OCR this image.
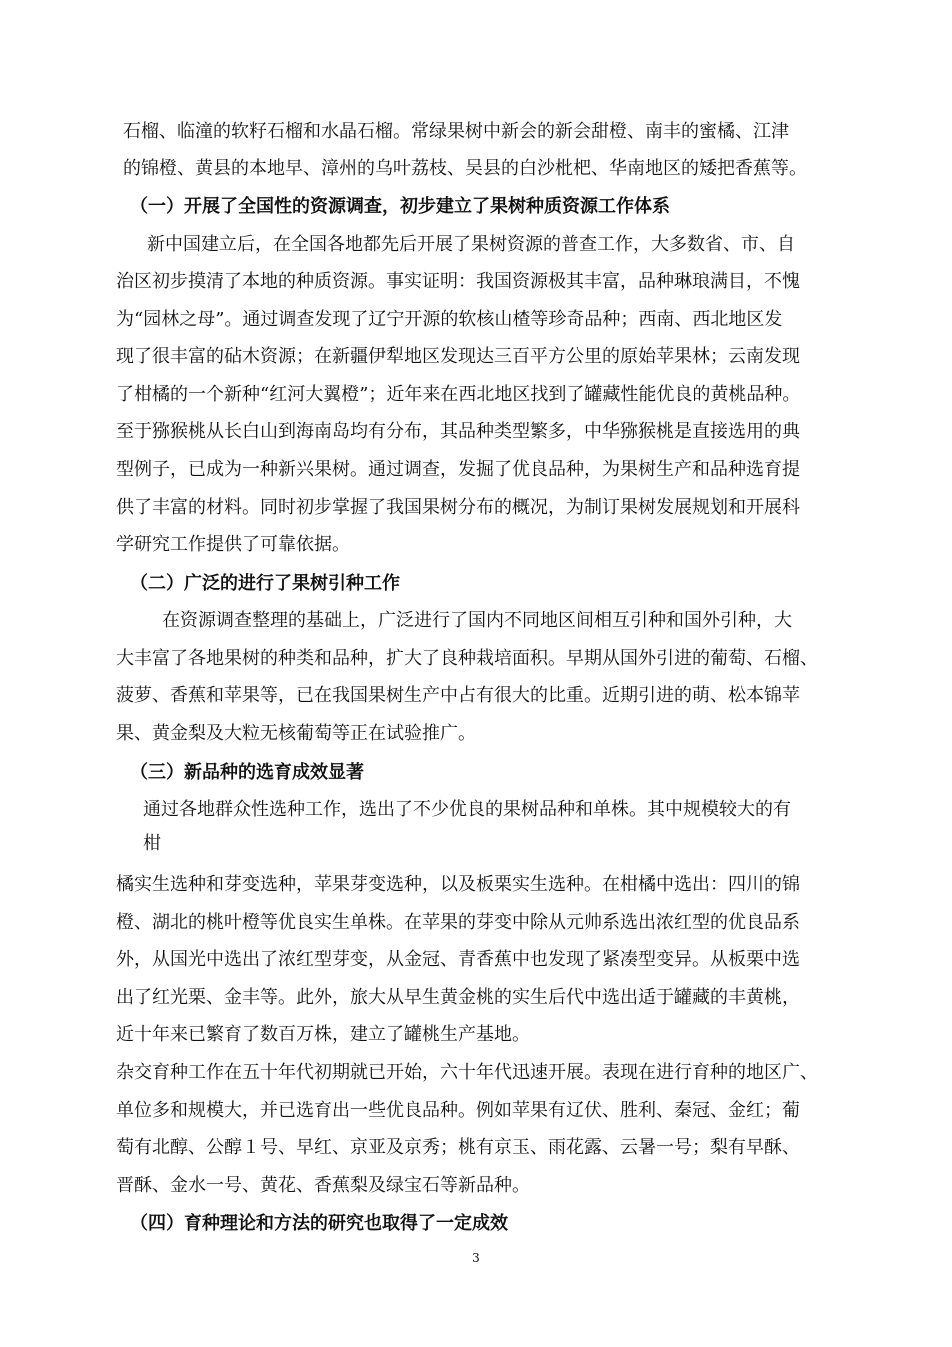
石榴、临潼的软籽石榴和水晶石榴。常绿果树中新会的新会甜橙、南丰的蜜橘、江津
的锦橙、黄县的本地早、漳州的乌叶荔枝、吴县的白沙枇杷、华南地区的矮把香蕉等。
（一）开展了全国性的资源调查，初步建立了果树种质资源工作体系
新中国建立后，在全国各地都先后开展了果树资源的普查工作，大多数省、市、自
治区初步摸清了本地的种质资源。事实证明：我国资源极其丰富，品种琳琅满目，不愧
为“园林之母”。通过调查发现了辽宁开源的软核山楂等珍奇品种；西南、西北地区发
现了很丰富的砧木资源；在新疆伊犁地区发现达三百平方公里的原始苹果林；云南发现
了柑橘的一个新种“红河大翼橙”；近年来在西北地区找到了罐藏性能优良的黄桃品种。
至于猕猴桃从长白山到海南岛均有分布，其品种类型繁多，中华猕猴桃是直接选用的典
型例子，已成为一种新兴果树。通过调查，发掘了优良品种，为果树生产和品种选育提
供了丰富的材料。同时初步掌握了我国果树分布的概况，为制订果树发展规划和开展科
学研究工作提供了可靠依据。
（二）广泛的进行了果树引种工作
在资源调查整理的基础上，广泛进行了国内不同地区间相互引种和国外引种，大
大丰富了各地果树的种类和品种，扩大了良种栽培面积。早期从国外引进的葡萄、石榴、
菠萝、香蕉和苹果等，已在我国果树生产中占有很大的比重。近期引进的萌、松本锦苹
果、黄金梨及大粒无核葡萄等正在试验推广。
（三）新品种的选育成效显著
通过各地群众性选种工作，选出了不少优良的果树品种和单株。其中规模较大的有
柑
橘实生选种和芽变选种，苹果芽变选种，以及板栗实生选种。在柑橘中选出：四川的锦
橙、湖北的桃叶橙等优良实生单株。在苹果的芽变中除从元帅系选出浓红型的优良品系
外，从国光中选出了浓红型芽变，从金冠、青香蕉中也发现了紧凑型变异。从板栗中选
出了红光栗、金丰等。此外，旅大从早生黄金桃的实生后代中选出适于罐藏的丰黄桃，
近十年来已繁育了数百万株，建立了罐桃生产基地。
杂交育种工作在五十年代初期就已开始，六十年代迅速开展。表现在进行育种的地区广、
单位多和规模大，并已选育出一些优良品种。例如苹果有辽伏、胜利、秦冠、金红；葡
萄有北醇、公醇１号、早红、京亚及京秀；桃有京玉、雨花露、云暑一号；梨有早酥、
晋酥、金水一号、黄花、香蕉梨及绿宝石等新品种。
（四）育种理论和方法的研究也取得了一定成效
3
